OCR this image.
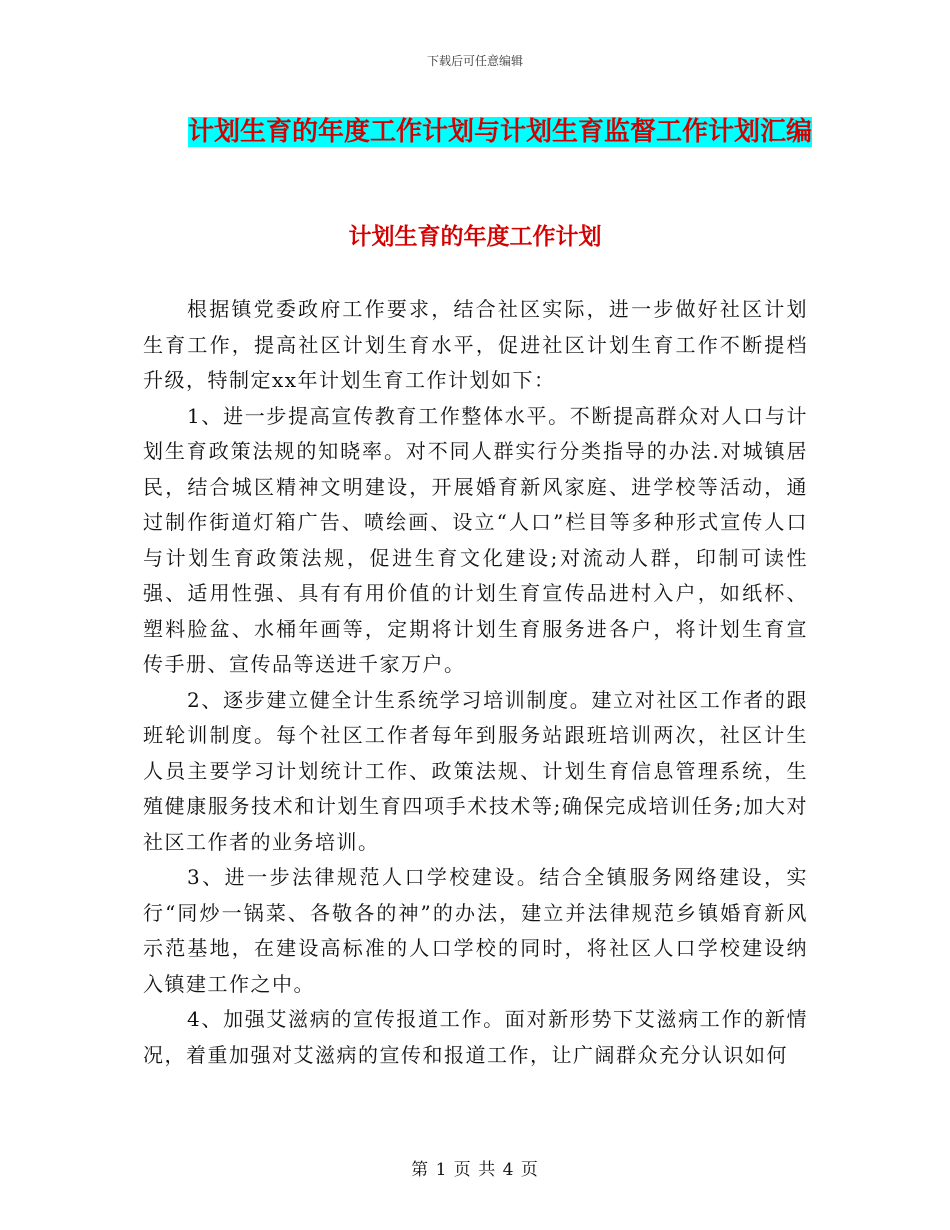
下载后可任意编辑
计划生育的年度工作计划与计划生育监督工作计划汇编
计划生育的年度工作计划

根据镇党委政府工作要求，结合社区实际，进一步做好社区计划生育工作，提高社区计划生育水平，促进社区计划生育工作不断提档升级，特制定xx年计划生育工作计划如下：

1、进一步提高宣传教育工作整体水平。不断提高群众对人口与计划生育政策法规的知晓率。对不同人群实行分类指导的办法.对城镇居民，结合城区精神文明建设，开展婚育新风家庭、进学校等活动，通过制作街道灯箱广告、喷绘画、设立“人口”栏目等多种形式宣传人口与计划生育政策法规，促进生育文化建设;对流动人群，印制可读性强、适用性强、具有有用价值的计划生育宣传品进村入户，如纸杯、塑料脸盆、水桶年画等，定期将计划生育服务进各户，将计划生育宣传手册、宣传品等送进千家万户。

2、逐步建立健全计生系统学习培训制度。建立对社区工作者的跟班轮训制度。每个社区工作者每年到服务站跟班培训两次，社区计生人员主要学习计划统计工作、政策法规、计划生育信息管理系统，生殖健康服务技术和计划生育四项手术技术等;确保完成培训任务;加大对社区工作者的业务培训。

3、进一步法律规范人口学校建设。结合全镇服务网络建设，实行“同炒一锅菜、各敬各的神”的办法，建立并法律规范乡镇婚育新风示范基地，在建设高标准的人口学校的同时，将社区人口学校建设纳入镇建工作之中。

4、加强艾滋病的宣传报道工作。面对新形势下艾滋病工作的新情况，着重加强对艾滋病的宣传和报道工作，让广阔群众充分认识如何

第 1 页 共 4 页
